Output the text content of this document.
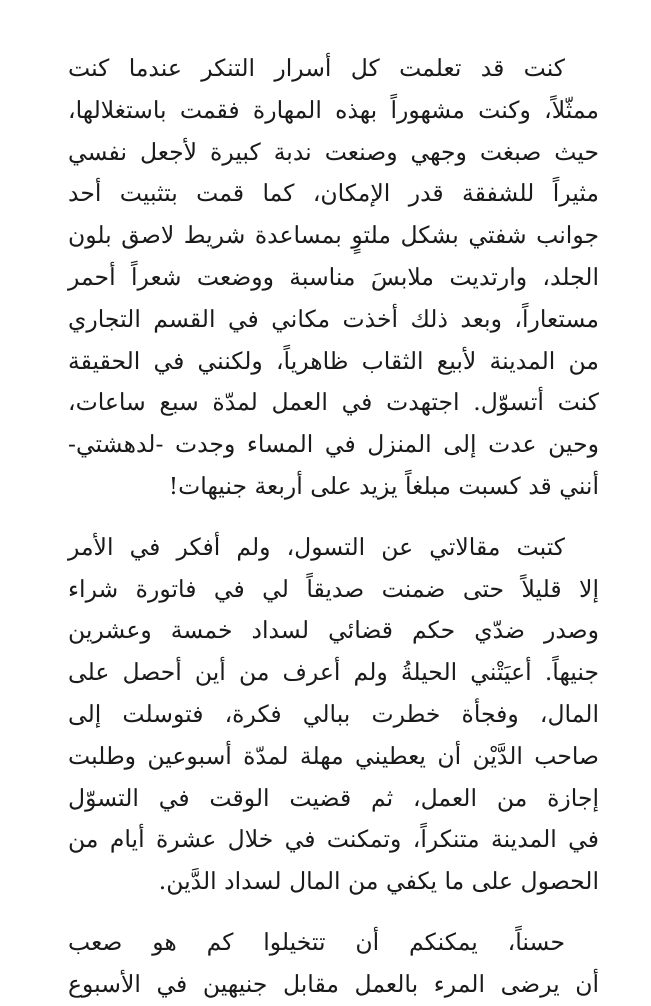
كنت قد تعلمت كل أسرار التنكر عندما كنت
ممثّلاً، وكنت مشهوراً بهذه المهارة فقمت باستغلالها،
حيث صبغت وجهي وصنعت ندبة كبيرة لأجعل نفسي
مثيراً للشفقة قدر الإمكان، كما قمت بتثبيت أحد
جوانب شفتي بشكل ملتوٍ بمساعدة شريط لاصق بلون
الجلد، وارتديت ملابسَ مناسبة ووضعت شعراً أحمر
مستعاراً، وبعد ذلك أخذت مكاني في القسم التجاري
من المدينة لأبيع الثقاب ظاهرياً، ولكنني في الحقيقة
كنت أتسوّل. اجتهدت في العمل لمدّة سبع ساعات،
وحين عدت إلى المنزل في المساء وجدت -لدهشتي-
أنني قد كسبت مبلغاً يزيد على أربعة جنيهات!

كتبت مقالاتي عن التسول، ولم أفكر في الأمر
إلا قليلاً حتى ضمنت صديقاً لي في فاتورة شراء
وصدر ضدّي حكم قضائي لسداد خمسة وعشرين
جنيهاً. أعيَتْني الحيلةُ ولم أعرف من أين أحصل على
المال، وفجأة خطرت ببالي فكرة، فتوسلت إلى
صاحب الدَّيْن أن يعطيني مهلة لمدّة أسبوعين وطلبت
إجازة من العمل، ثم قضيت الوقت في التسوّل
في المدينة متنكراً، وتمكنت في خلال عشرة أيام من
الحصول على ما يكفي من المال لسداد الدَّين.

حسناً، يمكنكم أن تتخيلوا كم هو صعب
أن يرضى المرء بالعمل مقابل جنيهين في الأسبوع
